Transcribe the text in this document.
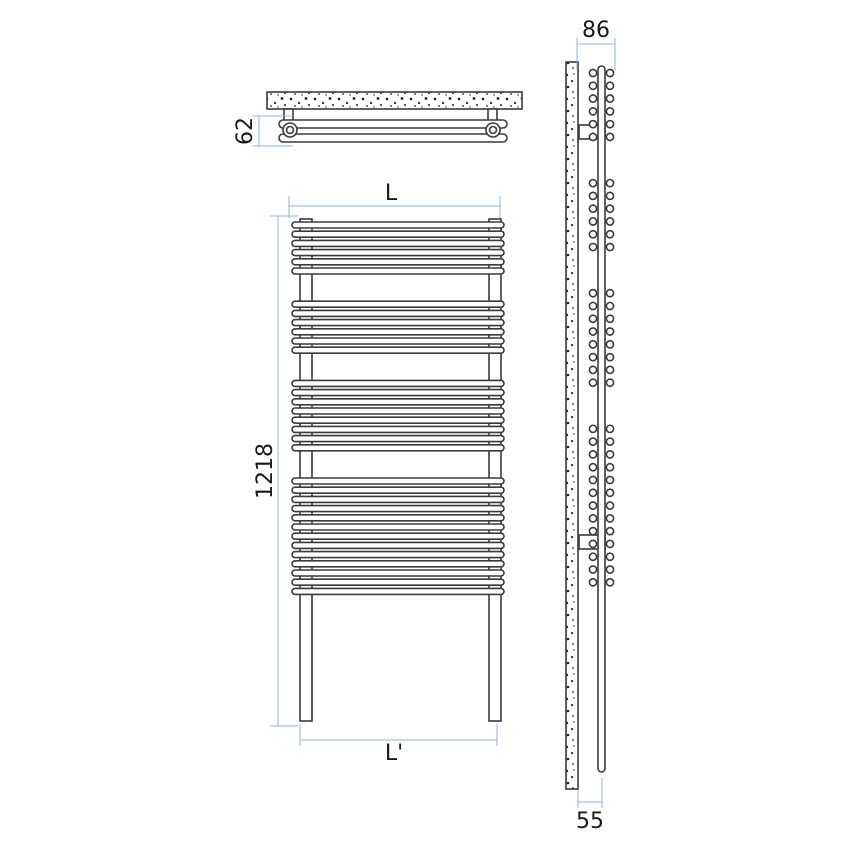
62
L
L'
1218
86
55
